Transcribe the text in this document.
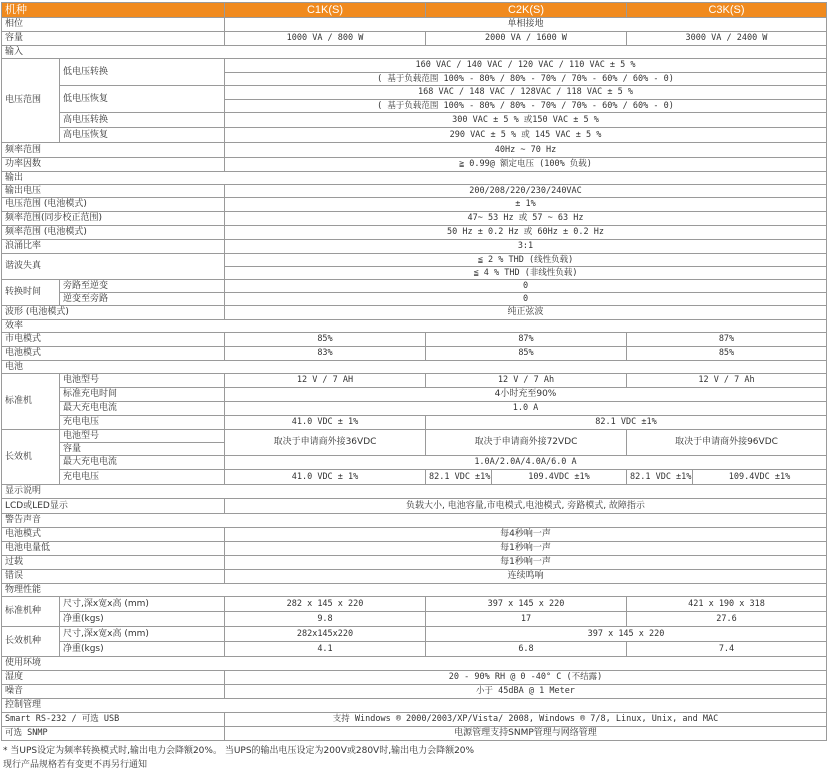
机种		C1K(S)	C2K(S)		C3K(S)	
相位		单相接地				
容量		1000 VA / 800 W	2000 VA / 1600 W		3000 VA / 2400 W	
输入						
电压范围	低电压转换	160 VAC / 140 VAC / 120 VAC / 110 VAC ± 5 %				
		( 基于负载范围 100% - 80% / 80% - 70% / 70% - 60% / 60% - 0)				
	低电压恢复	168 VAC / 148 VAC / 128VAC / 118 VAC ± 5 %				
		( 基于负载范围 100% - 80% / 80% - 70% / 70% - 60% / 60% - 0)				
	高电压转换	300 VAC ± 5 % 或150 VAC ± 5 %				
	高电压恢复	290 VAC ± 5 % 或 145 VAC ± 5 %				
频率范围		40Hz ~ 70 Hz				
功率因数		≧ 0.99@ 额定电压 (100% 负载)				
输出						
输出电压		200/208/220/230/240VAC				
电压范围 (电池模式)		± 1%				
频率范围(同步校正范围)		47~ 53 Hz 或 57 ~ 63 Hz				
频率范围 (电池模式)		50 Hz ± 0.2 Hz 或 60Hz ± 0.2 Hz				
浪涌比率		3:1				
谐波失真		≦ 2 % THD (线性负载)				
		≦ 4 % THD (非线性负载)				
转换时间	旁路至逆变	0				
	逆变至旁路	0				
波形 (电池模式)		纯正弦波				
效率						
市电模式		85%	87%		87%	
电池模式		83%	85%		85%	
电池						
标准机	电池型号	12 V / 7 AH	12 V / 7 Ah		12 V / 7 Ah	
	标准充电时间	4小时充至90%				
	最大充电电流	1.0 A				
	充电电压	41.0 VDC ± 1%	82.1 VDC ±1%			
长效机	电池型号	取决于申请商外接36VDC	取决于申请商外接72VDC		取决于申请商外接96VDC	
	容量					
	最大充电电流	1.0A/2.0A/4.0A/6.0 A				
	充电电压	41.0 VDC ± 1%	82.1 VDC ±1%	109.4VDC ±1%	82.1 VDC ±1%	109.4VDC ±1%
显示说明						
LCD或LED显示		负载大小, 电池容量,市电模式,电池模式, 旁路模式, 故障指示				
警告声音						
电池模式		每4秒响一声				
电池电量低		每1秒响一声				
过载		每1秒响一声				
错误		连续鸣响				
物理性能						
标准机种	尺寸,深x宽x高 (mm)	282 x 145 x 220	397 x 145 x 220		421 x 190 x 318	
	净重(kgs)	9.8	17		27.6	
长效机种	尺寸,深x宽x高 (mm)	282x145x220	397 x 145 x 220			
	净重(kgs)	4.1	6.8		7.4	
使用环境						
湿度		20 - 90% RH @ 0 -40° C (不结露)				
噪音		小于 45dBA @ 1 Meter				
控制管理						
Smart RS-232 / 可选 USB		支持 Windows ® 2000/2003/XP/Vista/ 2008, Windows ® 7/8, Linux, Unix, and MAC				
可选 SNMP		电源管理支持SNMP管理与网络管理				
* 当UPS设定为频率转换模式时,输出电力会降额20%。 当UPS的输出电压设定为200V或280V时,输出电力会降额20%
现行产品规格若有变更不再另行通知
